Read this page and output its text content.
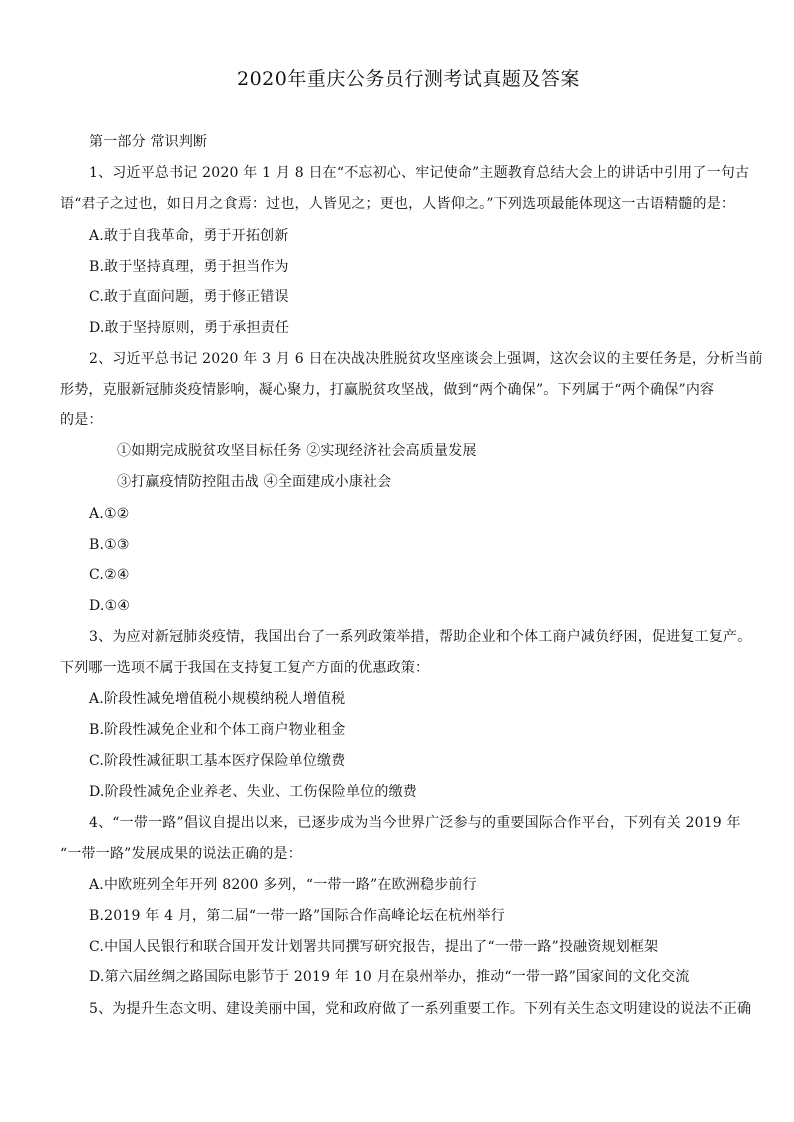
2020年重庆公务员行测考试真题及答案
第一部分 常识判断
1、习近平总书记 2020 年 1 月 8 日在“不忘初心、牢记使命”主题教育总结大会上的讲话中引用了一句古
语“君子之过也，如日月之食焉：过也，人皆见之；更也，人皆仰之。”下列选项最能体现这一古语精髓的是：
A.敢于自我革命，勇于开拓创新
B.敢于坚持真理，勇于担当作为
C.敢于直面问题，勇于修正错误
D.敢于坚持原则，勇于承担责任
2、习近平总书记 2020 年 3 月 6 日在决战决胜脱贫攻坚座谈会上强调，这次会议的主要任务是，分析当前
形势，克服新冠肺炎疫情影响，凝心聚力，打赢脱贫攻坚战，做到“两个确保”。下列属于“两个确保”内容
的是：
①如期完成脱贫攻坚目标任务 ②实现经济社会高质量发展
③打赢疫情防控阻击战 ④全面建成小康社会
A.①②
B.①③
C.②④
D.①④
3、为应对新冠肺炎疫情，我国出台了一系列政策举措，帮助企业和个体工商户减负纾困，促进复工复产。
下列哪一选项不属于我国在支持复工复产方面的优惠政策：
A.阶段性减免增值税小规模纳税人增值税
B.阶段性减免企业和个体工商户物业租金
C.阶段性减征职工基本医疗保险单位缴费
D.阶段性减免企业养老、失业、工伤保险单位的缴费
4、“一带一路”倡议自提出以来，已逐步成为当今世界广泛参与的重要国际合作平台，下列有关 2019 年
“一带一路”发展成果的说法正确的是：
A.中欧班列全年开列 8200 多列，“一带一路”在欧洲稳步前行
B.2019 年 4 月，第二届“一带一路”国际合作高峰论坛在杭州举行
C.中国人民银行和联合国开发计划署共同撰写研究报告，提出了“一带一路”投融资规划框架
D.第六届丝绸之路国际电影节于 2019 年 10 月在泉州举办，推动“一带一路”国家间的文化交流
5、为提升生态文明、建设美丽中国，党和政府做了一系列重要工作。下列有关生态文明建设的说法不正确
